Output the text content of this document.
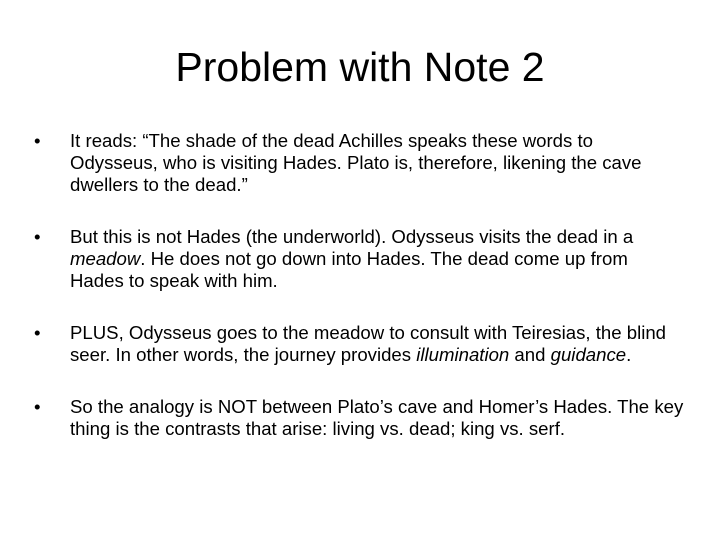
Problem with Note 2
• It reads: “The shade of the dead Achilles speaks these words to Odysseus, who is visiting Hades. Plato is, therefore, likening the cave dwellers to the dead.”
• But this is not Hades (the underworld). Odysseus visits the dead in a meadow. He does not go down into Hades. The dead come up from Hades to speak with him.
• PLUS, Odysseus goes to the meadow to consult with Teiresias, the blind seer. In other words, the journey provides illumination and guidance.
• So the analogy is NOT between Plato’s cave and Homer’s Hades. The key thing is the contrasts that arise: living vs. dead; king vs. serf.
